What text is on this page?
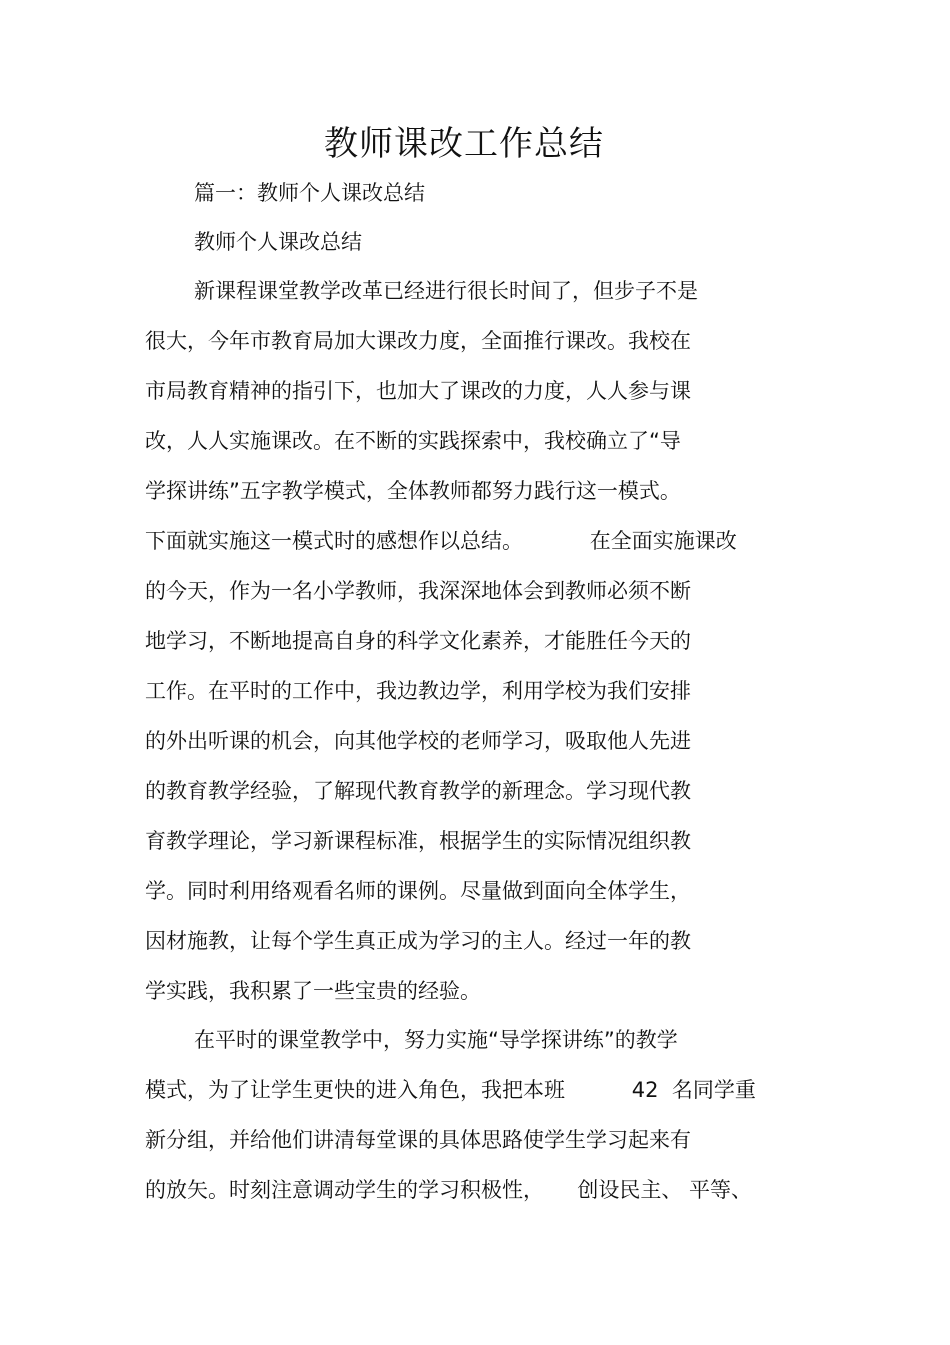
教师课改工作总结

篇一：教师个人课改总结

教师个人课改总结

新课程课堂教学改革已经进行很长时间了，但步子不是

很大，今年市教育局加大课改力度，全面推行课改。我校在

市局教育精神的指引下，也加大了课改的力度，人人参与课

改，人人实施课改。在不断的实践探索中，我校确立了“导

学探讲练”五字教学模式，全体教师都努力践行这一模式。

下面就实施这一模式时的感想作以总结。          在全面实施课改

的今天，作为一名小学教师，我深深地体会到教师必须不断

地学习，不断地提高自身的科学文化素养，才能胜任今天的

工作。在平时的工作中，我边教边学，利用学校为我们安排

的外出听课的机会，向其他学校的老师学习，吸取他人先进

的教育教学经验，了解现代教育教学的新理念。学习现代教

育教学理论，学习新课程标准，根据学生的实际情况组织教

学。同时利用络观看名师的课例。尽量做到面向全体学生，

因材施教，让每个学生真正成为学习的主人。经过一年的教

学实践，我积累了一些宝贵的经验。

在平时的课堂教学中，努力实施“导学探讲练”的教学

模式，为了让学生更快的进入角色，我把本班          42  名同学重

新分组，并给他们讲清每堂课的具体思路使学生学习起来有

的放矢。时刻注意调动学生的学习积极性，     创设民主、 平等、
